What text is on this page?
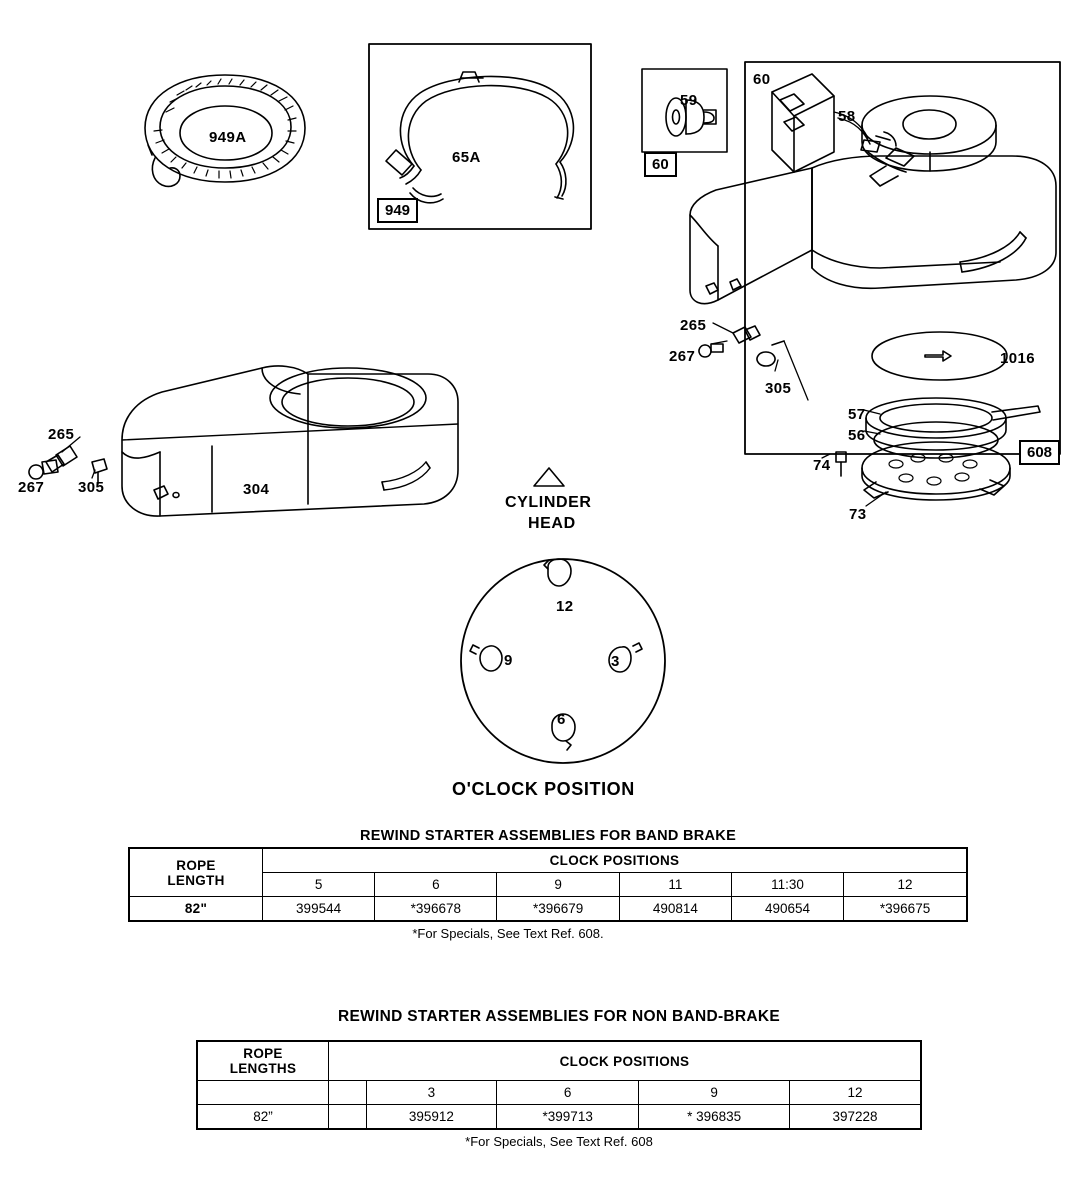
949A
949
65A
59
60
60
58
265
267
305
1016
57
56
74
73
608
265
267 305	304
12
9	3
6
CYLINDER
HEAD
O'CLOCK POSITION
REWIND STARTER ASSEMBLIES FOR BAND BRAKE
ROPE
LENGTH	CLOCK POSITIONS					
	5	6	9	11	11:30	12
82"	399544	*396678	*396679	490814	490654	*396675
*For Specials, See Text Ref. 608.
REWIND STARTER ASSEMBLIES FOR NON BAND-BRAKE
ROPE
LENGTHS	CLOCK POSITIONS				
		3	6	9	12
82”		395912	*399713	* 396835	397228
*For Specials, See Text Ref. 608
